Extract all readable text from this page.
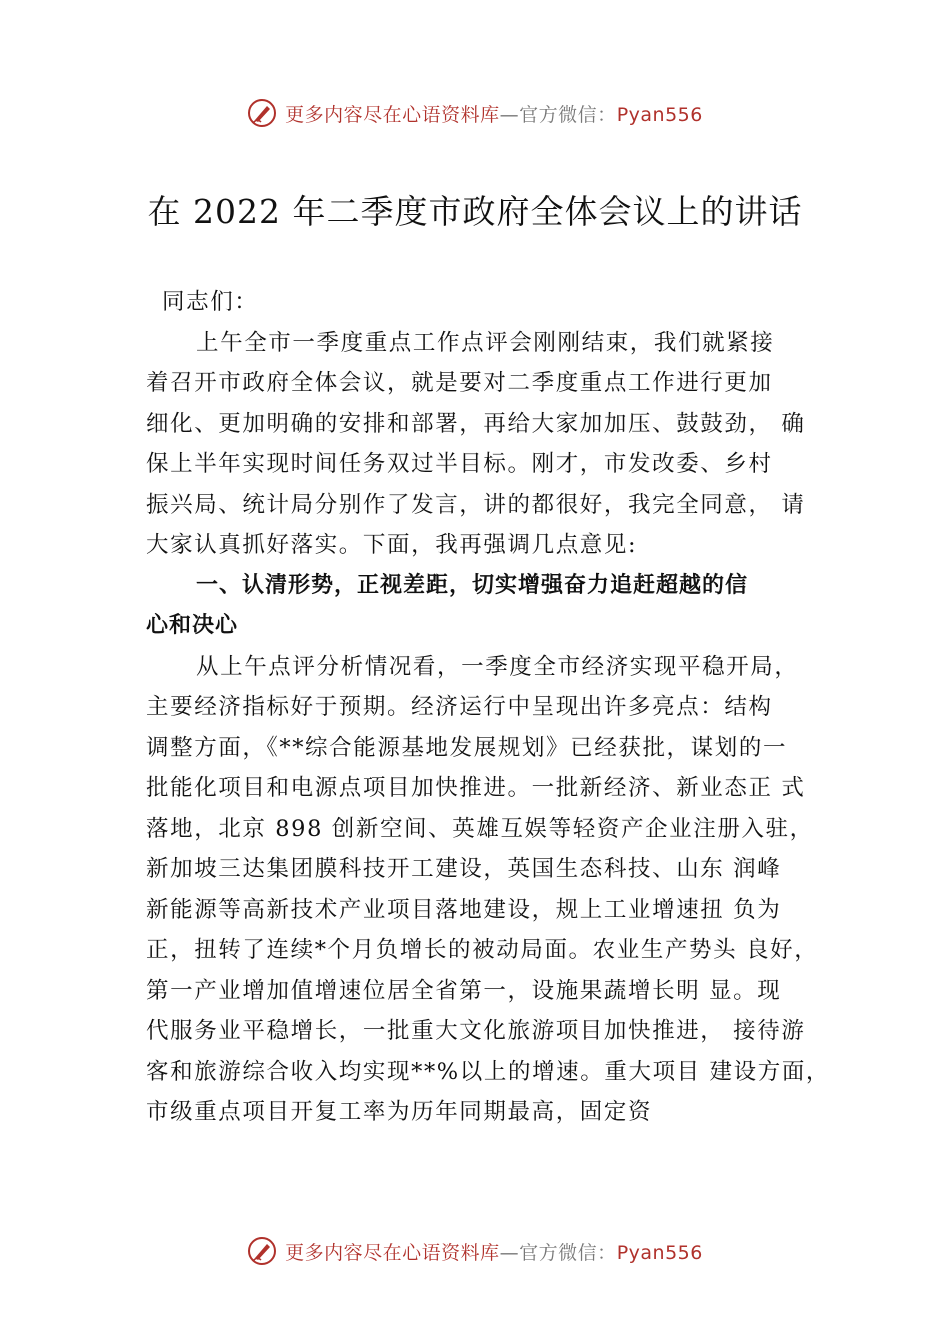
更多内容尽在心语资料库—官方微信：Pyan556
在 2022 年二季度市政府全体会议上的讲话
同志们：
上午全市一季度重点工作点评会刚刚结束，我们就紧接
着召开市政府全体会议，就是要对二季度重点工作进行更加
细化、更加明确的安排和部署，再给大家加加压、鼓鼓劲， 确
保上半年实现时间任务双过半目标。刚才，市发改委、乡村
振兴局、统计局分别作了发言，讲的都很好，我完全同意， 请
大家认真抓好落实。下面，我再强调几点意见:
一、认清形势，正视差距，切实增强奋力追赶超越的信
心和决心
从上午点评分析情况看，一季度全市经济实现平稳开局，
主要经济指标好于预期。经济运行中呈现出许多亮点：结构
调整方面，《**综合能源基地发展规划》已经获批，谋划的一
批能化项目和电源点项目加快推进。一批新经济、新业态正 式
落地，北京 898 创新空间、英雄互娱等轻资产企业注册入驻，
新加坡三达集团膜科技开工建设，英国生态科技、山东 润峰
新能源等高新技术产业项目落地建设，规上工业增速扭 负为
正，扭转了连续*个月负增长的被动局面。农业生产势头 良好，
第一产业增加值增速位居全省第一，设施果蔬增长明 显。现
代服务业平稳增长，一批重大文化旅游项目加快推进， 接待游
客和旅游综合收入均实现**%以上的增速。重大项目 建设方面，
市级重点项目开复工率为历年同期最高，固定资
更多内容尽在心语资料库—官方微信：Pyan556
